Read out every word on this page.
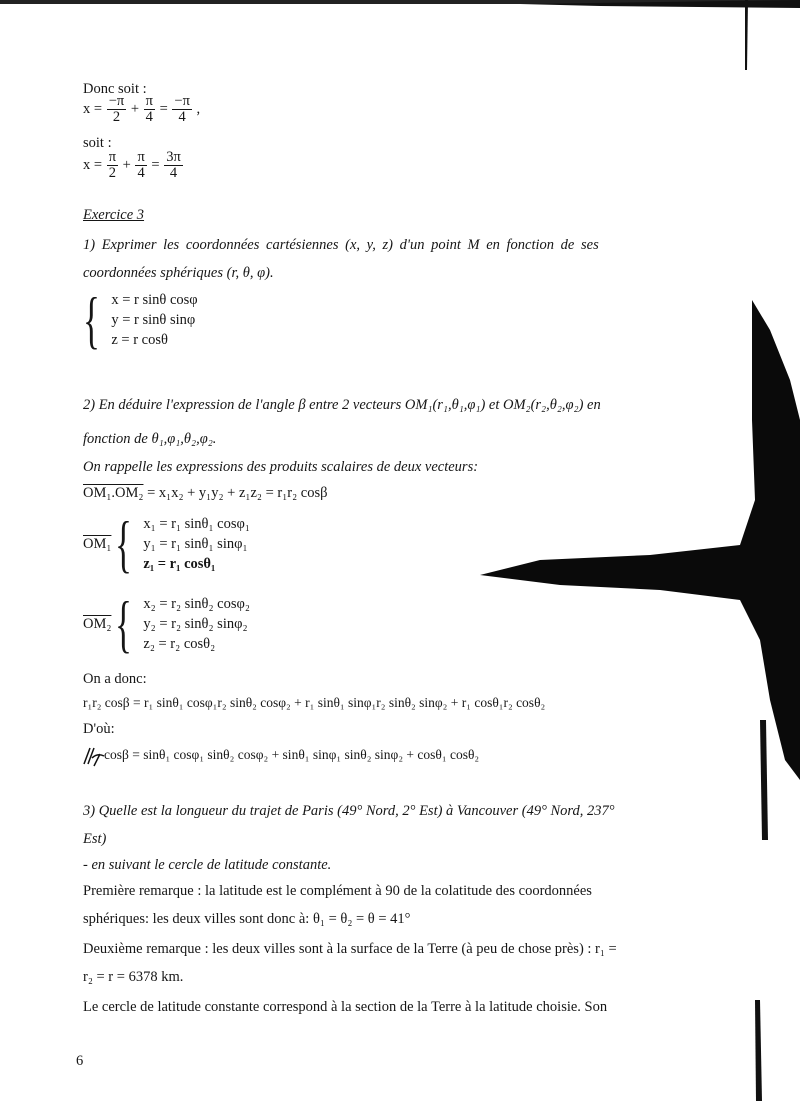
Donc soit :
$x = \frac{-\pi}{2} + \frac{\pi}{4} = \frac{-\pi}{4}$ ,
soit :
$x = \frac{\pi}{2} + \frac{\pi}{4} = \frac{3\pi}{4}$
Exercice 3
1) Exprimer les coordonnées cartésiennes (x, y, z) d'un point M en fonction de ses
coordonnées sphériques (r, θ, φ).
{ x = r sinθ cosφ
y = r sinθ sinφ
z = r cosθ
2) En déduire l'expression de l'angle β entre 2 vecteurs OM₁(r₁,θ₁,φ₁) et OM₂(r₂,θ₂,φ₂) en
fonction de θ₁,φ₁,θ₂,φ₂.
On rappelle les expressions des produits scalaires de deux vecteurs:
OM₁.OM₂ = x₁x₂ + y₁y₂ + z₁z₂ = r₁r₂ cosβ
OM₁ { x₁ = r₁ sinθ₁ cosφ₁
y₁ = r₁ sinθ₁ sinφ₁
z₁ = r₁ cosθ₁
OM₂ { x₂ = r₂ sinθ₂ cosφ₂
y₂ = r₂ sinθ₂ sinφ₂
z₂ = r₂ cosθ₂
On a donc:
r₁r₂ cosβ = r₁ sinθ₁ cosφ₁r₂ sinθ₂ cosφ₂ + r₁ sinθ₁ sinφ₁r₂ sinθ₂ sinφ₂ + r₁ cosθ₁r₂ cosθ₂
D'où:
cosβ = sinθ₁ cosφ₁ sinθ₂ cosφ₂ + sinθ₁ sinφ₁ sinθ₂ sinφ₂ + cosθ₁ cosθ₂
3) Quelle est la longueur du trajet de Paris (49° Nord, 2° Est) à Vancouver (49° Nord, 237°
Est)
- en suivant le cercle de latitude constante.
Première remarque : la latitude est le complément à 90 de la colatitude des coordonnées
sphériques: les deux villes sont donc à: θ₁ = θ₂ = θ = 41°
Deuxième remarque : les deux villes sont à la surface de la Terre (à peu de chose près) : r₁ =
r₂ = r = 6378 km.
Le cercle de latitude constante correspond à la section de la Terre à la latitude choisie. Son
6
